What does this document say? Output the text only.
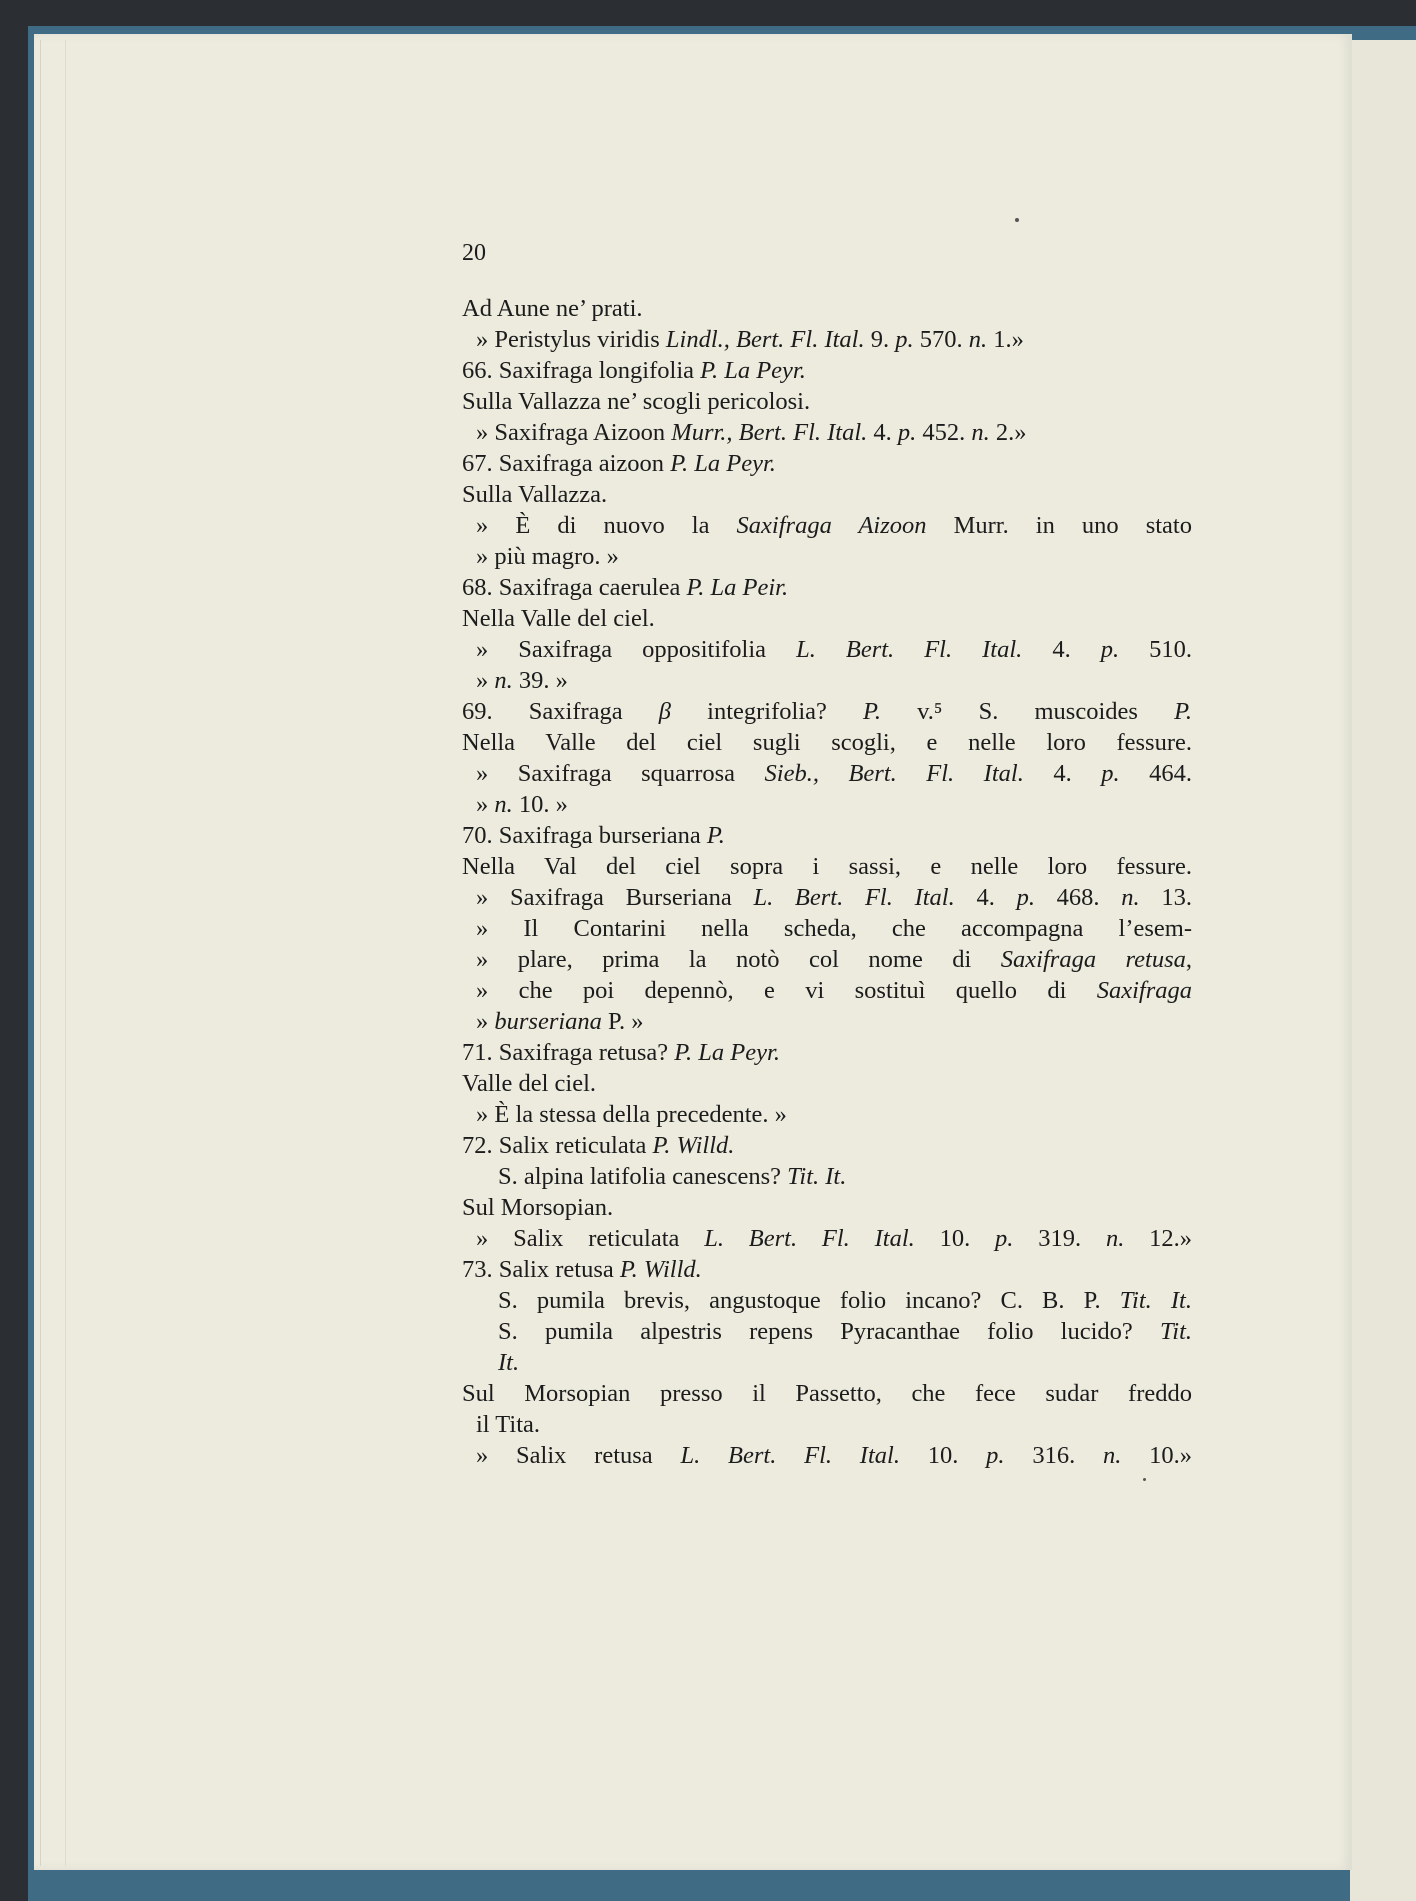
20
Ad Aune ne’ prati.
» Peristylus viridis Lindl., Bert. Fl. Ital. 9. p. 570. n. 1.»
66. Saxifraga longifolia P. La Peyr.
Sulla Vallazza ne’ scogli pericolosi.
» Saxifraga Aizoon Murr., Bert. Fl. Ital. 4. p. 452. n. 2.»
67. Saxifraga aizoon P. La Peyr.
Sulla Vallazza.
» È di nuovo la Saxifraga Aizoon Murr. in uno stato
» più magro. »
68. Saxifraga caerulea P. La Peir.
Nella Valle del ciel.
» Saxifraga oppositifolia L. Bert. Fl. Ital. 4. p. 510.
» n. 39. »
69. Saxifraga β integrifolia? P. v.⁵ S. muscoides P.
Nella Valle del ciel sugli scogli, e nelle loro fessure.
» Saxifraga squarrosa Sieb., Bert. Fl. Ital. 4. p. 464.
» n. 10. »
70. Saxifraga burseriana P.
Nella Val del ciel sopra i sassi, e nelle loro fessure.
» Saxifraga Burseriana L. Bert. Fl. Ital. 4. p. 468. n. 13.
» Il Contarini nella scheda, che accompagna l’esem-
» plare, prima la notò col nome di Saxifraga retusa,
» che poi depennò, e vi sostituì quello di Saxifraga
» burseriana P. »
71. Saxifraga retusa? P. La Peyr.
Valle del ciel.
» È la stessa della precedente. »
72. Salix reticulata P. Willd.
S. alpina latifolia canescens? Tit. It.
Sul Morsopian.
» Salix reticulata L. Bert. Fl. Ital. 10. p. 319. n. 12.»
73. Salix retusa P. Willd.
S. pumila brevis, angustoque folio incano? C. B. P. Tit. It.
S. pumila alpestris repens Pyracanthae folio lucido? Tit.
It.
Sul Morsopian presso il Passetto, che fece sudar freddo
il Tita.
» Salix retusa L. Bert. Fl. Ital. 10. p. 316. n. 10.»
